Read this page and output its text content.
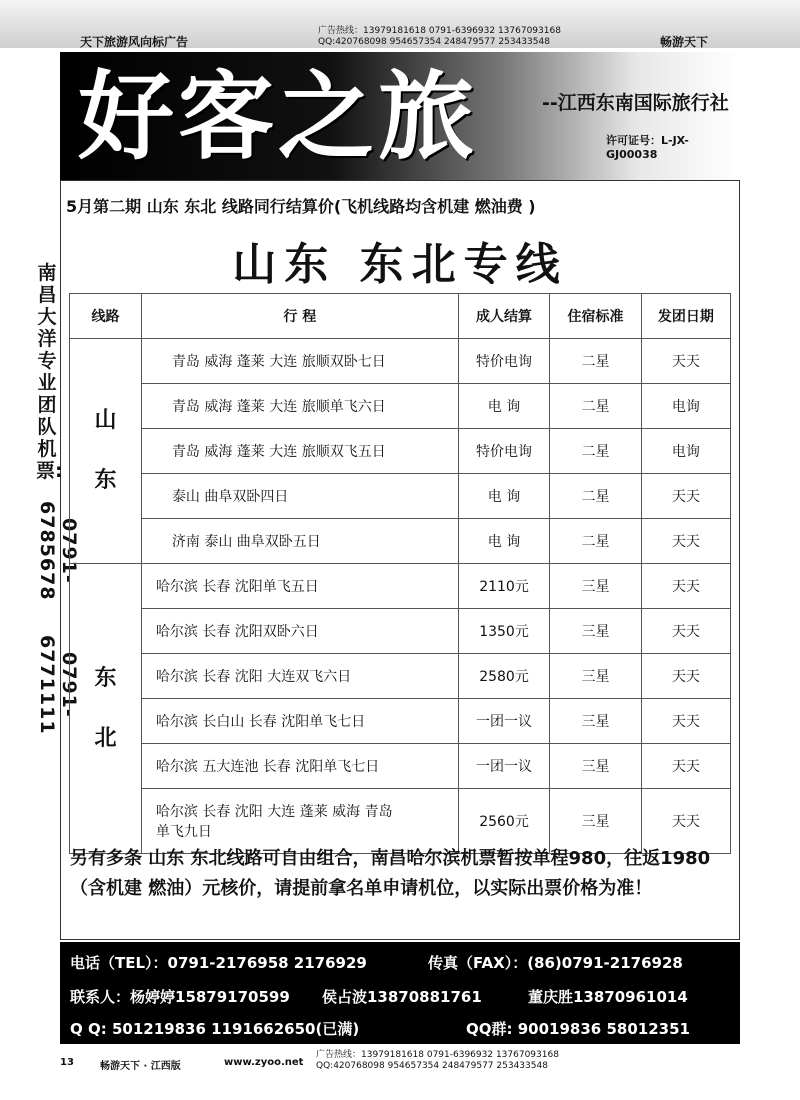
天下旅游风向标广告
广告热线：13979181618 0791-6396932 13767093168
QQ:420768098 954657354 248479577 253433548	畅游天下
好客之旅	--江西东南国际旅行社
许可证号：L-JX-GJ00038
5月第二期 山东 东北 线路同行结算价(飞机线路均含机建 燃油费 )
山东 东北专线
南昌大洋专业团队机票:
0791-6785678
0791-6771111
线路	行 程	成人结算	住宿标准	发团日期

山
东	青岛 威海 蓬莱 大连 旅顺双卧七日	特价电询	二星	天天
	青岛 威海 蓬莱 大连 旅顺单飞六日	电 询	二星	电询
	青岛 威海 蓬莱 大连 旅顺双飞五日	特价电询	二星	电询
	泰山 曲阜双卧四日	电 询	二星	天天
	济南 泰山 曲阜双卧五日	电 询	二星	天天

东
北	哈尔滨 长春 沈阳单飞五日	2110元	三星	天天
	哈尔滨 长春 沈阳双卧六日	1350元	三星	天天
	哈尔滨 长春 沈阳 大连双飞六日	2580元	三星	天天
	哈尔滨 长白山 长春 沈阳单飞七日	一团一议	三星	天天
	哈尔滨 五大连池 长春 沈阳单飞七日	一团一议	三星	天天

	哈尔滨 长春 沈阳 大连 蓬莱 威海 青岛
单飞九日	2560元	三星	天天
另有多条 山东 东北线路可自由组合，南昌哈尔滨机票暂按单程980，往返1980（含机建 燃油）元核价，请提前拿名单申请机位，以实际出票价格为准！
电话（TEL）：0791-2176958 2176929	传真（FAX）：(86)0791-2176928
联系人：杨婷婷15879170599 侯占波13870881761	董庆胜13870961014
Q Q: 501219836 1191662650(已满)	QQ群: 90019836 58012351
13	畅游天下 · 江西版	www.zyoo.net
广告热线：13979181618 0791-6396932 13767093168
QQ:420768098 954657354 248479577 253433548
